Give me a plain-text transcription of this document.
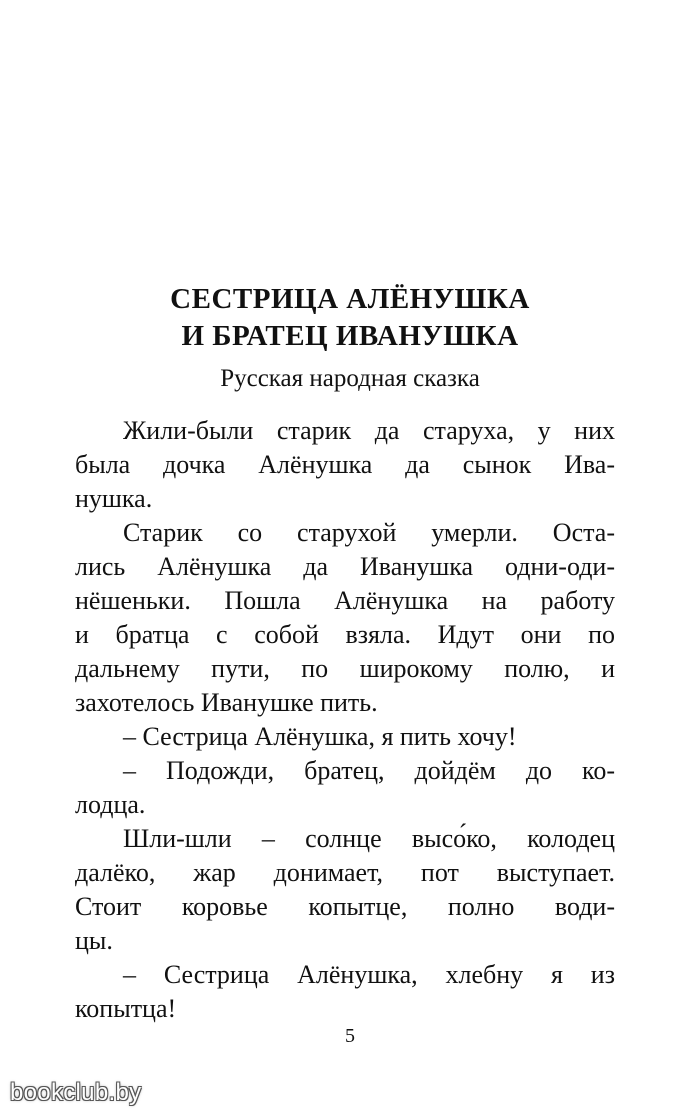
СЕСТРИЦА АЛЁНУШКА
И БРАТЕЦ ИВАНУШКА
Русская народная сказка
Жили-были старик да старуха, у них
была дочка Алёнушка да сынок Ива-
нушка.
Старик со старухой умерли. Оста-
лись Алёнушка да Иванушка одни-оди-
нёшеньки. Пошла Алёнушка на работу
и братца с собой взяла. Идут они по
дальнему пути, по широкому полю, и
захотелось Иванушке пить.
– Сестрица Алёнушка, я пить хочу!
– Подожди, братец, дойдём до ко-
лодца.
Шли-шли – солнце высо́ко, колодец
далёко, жар донимает, пот выступает.
Стоит коровье копытце, полно води-
цы.
– Сестрица Алёнушка, хлебну я из
копытца!
5
bookclub.by
